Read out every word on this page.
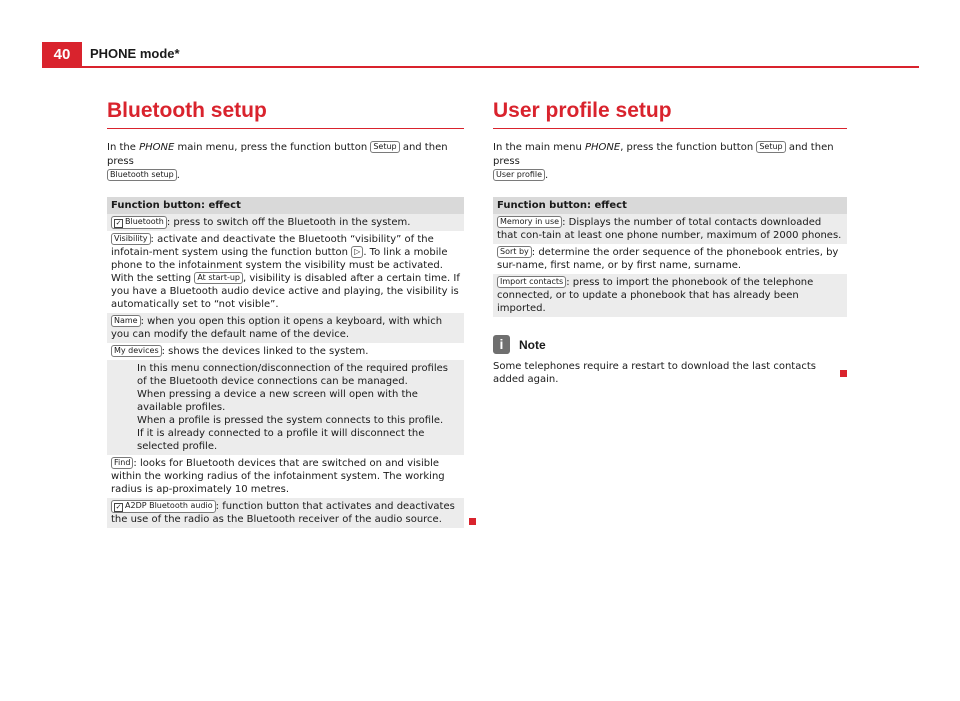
40	PHONE mode*
Bluetooth setup

In the PHONE main menu, press the function button Setup and then press
Bluetooth setup .

Function button: effect
✓ Bluetooth : press to switch off the Bluetooth in the system.
Visibility : activate and deactivate the Bluetooth “visibility” of the infotain-ment system using the function button ▷ . To link a mobile phone to the infotainment system the visibility must be activated. With the setting At start-up , visibility is disabled after a certain time. If you have a Bluetooth audio device active and playing, the visibility is automatically set to “not visible”.
Name : when you open this option it opens a keyboard, with which you can modify the default name of the device.
My devices : shows the devices linked to the system.
In this menu connection/disconnection of the required profiles of the Bluetooth device connections can be managed.
When pressing a device a new screen will open with the available profiles.
When a profile is pressed the system connects to this profile.
If it is already connected to a profile it will disconnect the selected profile.
Find : looks for Bluetooth devices that are switched on and visible within the working radius of the infotainment system. The working radius is ap-proximately 10 metres.
✓ A2DP Bluetooth audio : function button that activates and deactivates the use of the radio as the Bluetooth receiver of the audio source.
User profile setup

In the main menu PHONE, press the function button Setup and then press
User profile .

Function button: effect
Memory in use : Displays the number of total contacts downloaded that con-tain at least one phone number, maximum of 2000 phones.
Sort by : determine the order sequence of the phonebook entries, by sur-name, first name, or by first name, surname.
Import contacts : press to import the phonebook of the telephone connected, or to update a phonebook that has already been imported.
i	Note

Some telephones require a restart to download the last contacts added again.
